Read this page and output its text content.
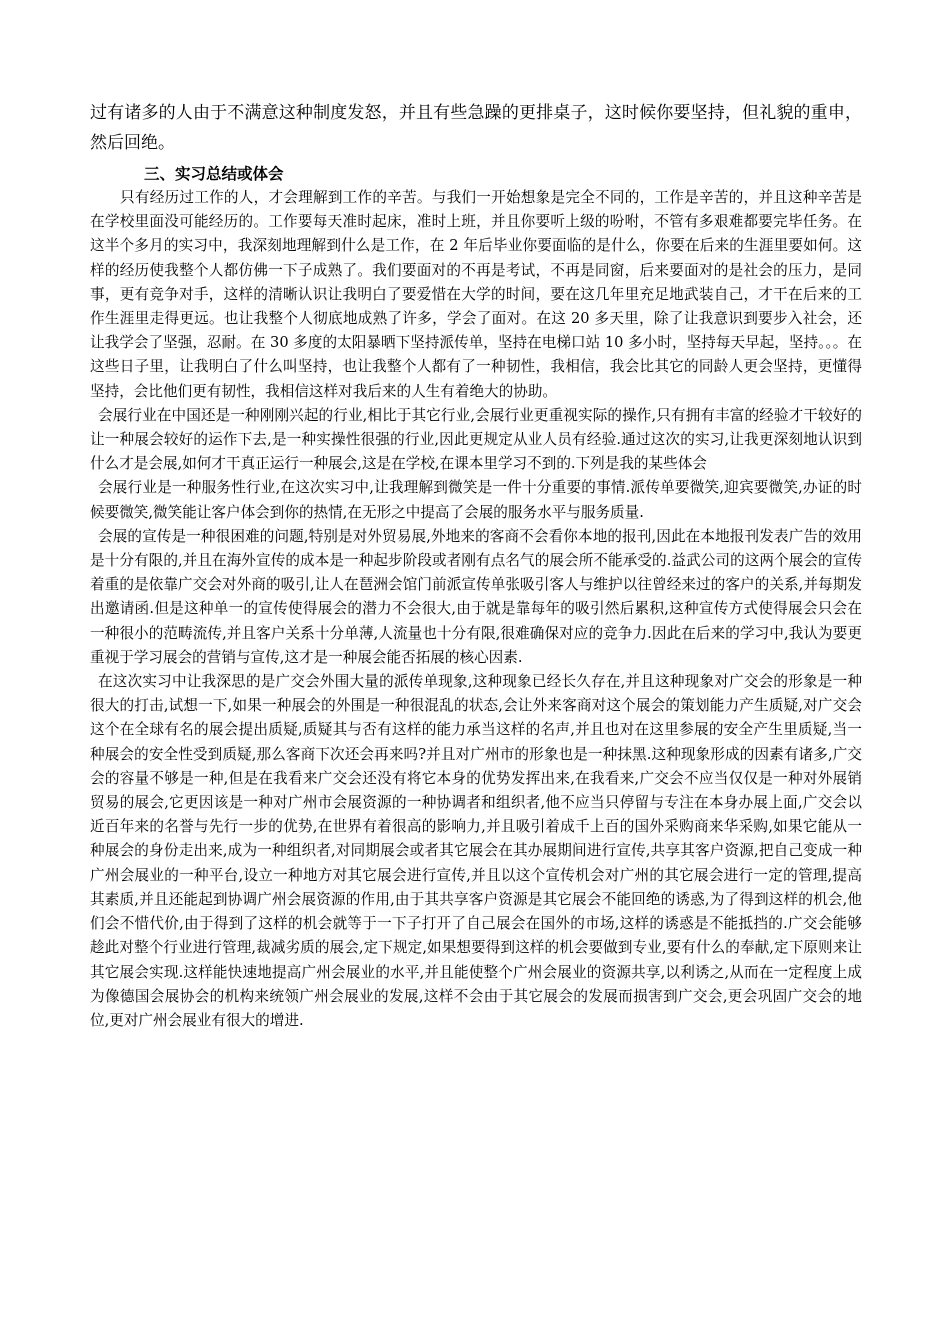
过有诸多的人由于不满意这种制度发怒，并且有些急躁的更排桌子，这时候你要坚持，但礼貌的重申，然后回绝。

三、实习总结或体会

只有经历过工作的人，才会理解到工作的辛苦。与我们一开始想象是完全不同的，工作是辛苦的，并且这种辛苦是在学校里面没可能经历的。工作要每天准时起床，准时上班，并且你要听上级的吩咐，不管有多艰难都要完毕任务。在这半个多月的实习中，我深刻地理解到什么是工作，在 2 年后毕业你要面临的是什么，你要在后来的生涯里要如何。这样的经历使我整个人都仿佛一下子成熟了。我们要面对的不再是考试，不再是同窗，后来要面对的是社会的压力，是同事，更有竞争对手，这样的清晰认识让我明白了要爱惜在大学的时间，要在这几年里充足地武装自己，才干在后来的工作生涯里走得更远。也让我整个人彻底地成熟了许多，学会了面对。在这 20 多天里，除了让我意识到要步入社会，还让我学会了坚强，忍耐。在 30 多度的太阳暴晒下坚持派传单，坚持在电梯口站 10 多小时，坚持每天早起，坚持。。。在这些日子里，让我明白了什么叫坚持，也让我整个人都有了一种韧性，我相信，我会比其它的同龄人更会坚持，更懂得坚持，会比他们更有韧性，我相信这样对我后来的人生有着绝大的协助。

会展行业在中国还是一种刚刚兴起的行业,相比于其它行业,会展行业更重视实际的操作,只有拥有丰富的经验才干较好的让一种展会较好的运作下去,是一种实操性很强的行业,因此更规定从业人员有经验.通过这次的实习,让我更深刻地认识到什么才是会展,如何才干真正运行一种展会,这是在学校,在课本里学习不到的.下列是我的某些体会

会展行业是一种服务性行业,在这次实习中,让我理解到微笑是一件十分重要的事情.派传单要微笑,迎宾要微笑,办证的时候要微笑,微笑能让客户体会到你的热情,在无形之中提高了会展的服务水平与服务质量.

会展的宣传是一种很困难的问题,特别是对外贸易展,外地来的客商不会看你本地的报刊,因此在本地报刊发表广告的效用是十分有限的,并且在海外宣传的成本是一种起步阶段或者刚有点名气的展会所不能承受的.益武公司的这两个展会的宣传着重的是依靠广交会对外商的吸引,让人在琶洲会馆门前派宣传单张吸引客人与维护以往曾经来过的客户的关系,并每期发出邀请函.但是这种单一的宣传使得展会的潜力不会很大,由于就是靠每年的吸引然后累积,这种宣传方式使得展会只会在一种很小的范畴流传,并且客户关系十分单薄,人流量也十分有限,很难确保对应的竞争力.因此在后来的学习中,我认为要更重视于学习展会的营销与宣传,这才是一种展会能否拓展的核心因素.

在这次实习中让我深思的是广交会外围大量的派传单现象,这种现象已经长久存在,并且这种现象对广交会的形象是一种很大的打击,试想一下,如果一种展会的外围是一种很混乱的状态,会让外来客商对这个展会的策划能力产生质疑,对广交会这个在全球有名的展会提出质疑,质疑其与否有这样的能力承当这样的名声,并且也对在这里参展的安全产生里质疑,当一种展会的安全性受到质疑,那么客商下次还会再来吗?并且对广州市的形象也是一种抹黑.这种现象形成的因素有诸多,广交会的容量不够是一种,但是在我看来广交会还没有将它本身的优势发挥出来,在我看来,广交会不应当仅仅是一种对外展销贸易的展会,它更因该是一种对广州市会展资源的一种协调者和组织者,他不应当只停留与专注在本身办展上面,广交会以近百年来的名誉与先行一步的优势,在世界有着很高的影响力,并且吸引着成千上百的国外采购商来华采购,如果它能从一种展会的身份走出来,成为一种组织者,对同期展会或者其它展会在其办展期间进行宣传,共享其客户资源,把自己变成一种广州会展业的一种平台,设立一种地方对其它展会进行宣传,并且以这个宣传机会对广州的其它展会进行一定的管理,提高其素质,并且还能起到协调广州会展资源的作用,由于其共享客户资源是其它展会不能回绝的诱惑,为了得到这样的机会,他们会不惜代价,由于得到了这样的机会就等于一下子打开了自己展会在国外的市场,这样的诱惑是不能抵挡的.广交会能够趁此对整个行业进行管理,裁减劣质的展会,定下规定,如果想要得到这样的机会要做到专业,要有什么的奉献,定下原则来让其它展会实现.这样能快速地提高广州会展业的水平,并且能使整个广州会展业的资源共享,以利诱之,从而在一定程度上成为像德国会展协会的机构来统领广州会展业的发展,这样不会由于其它展会的发展而损害到广交会,更会巩固广交会的地位,更对广州会展业有很大的增进.
